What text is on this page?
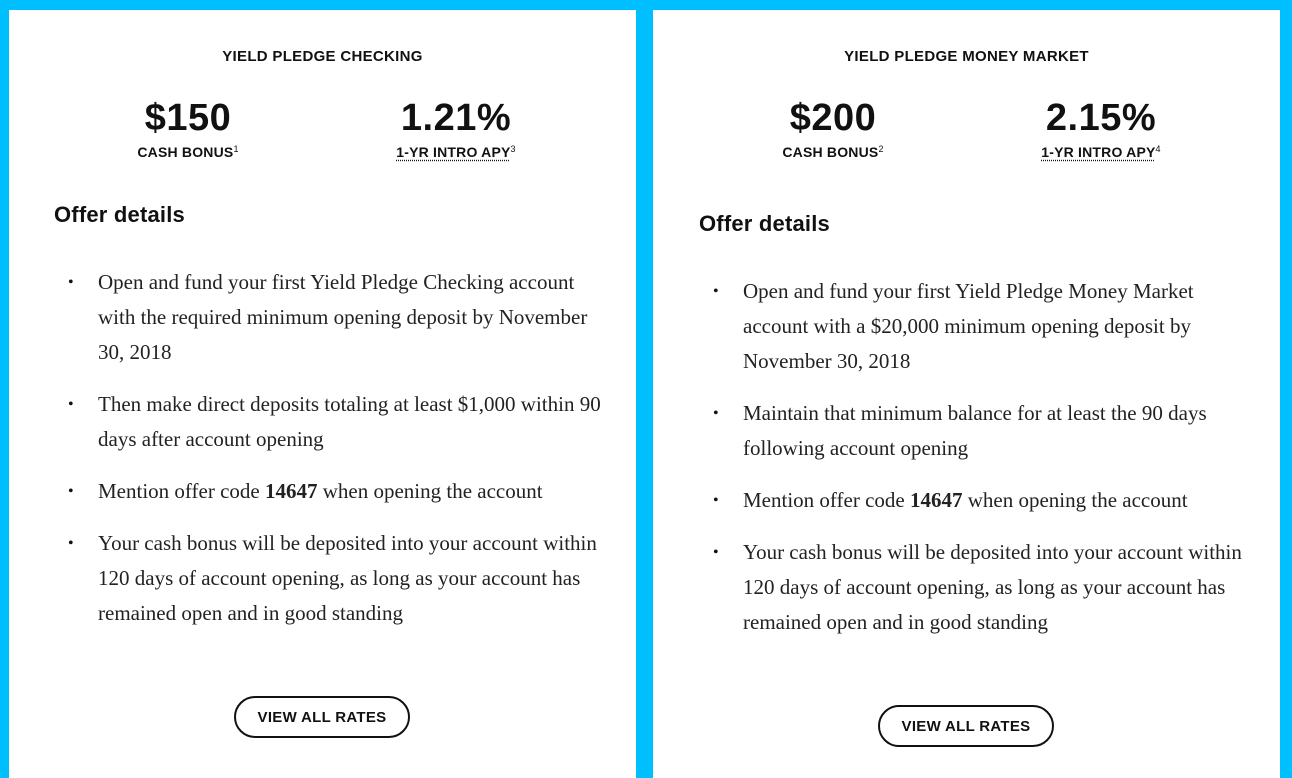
YIELD PLEDGE CHECKING
$150
CASH BONUS$^1$
1.21%
1-YR INTRO APY$^3$
Offer details
• Open and fund your first Yield Pledge Checking account with the required minimum opening deposit by November 30, 2018
• Then make direct deposits totaling at least $1,000 within 90 days after account opening
• Mention offer code 14647 when opening the account
• Your cash bonus will be deposited into your account within 120 days of account opening, as long as your account has remained open and in good standing
VIEW ALL RATES
YIELD PLEDGE MONEY MARKET
$200
CASH BONUS$^2$
2.15%
1-YR INTRO APY$^4$
Offer details
• Open and fund your first Yield Pledge Money Market account with a $20,000 minimum opening deposit by November 30, 2018
• Maintain that minimum balance for at least the 90 days following account opening
• Mention offer code 14647 when opening the account
• Your cash bonus will be deposited into your account within 120 days of account opening, as long as your account has remained open and in good standing
VIEW ALL RATES
